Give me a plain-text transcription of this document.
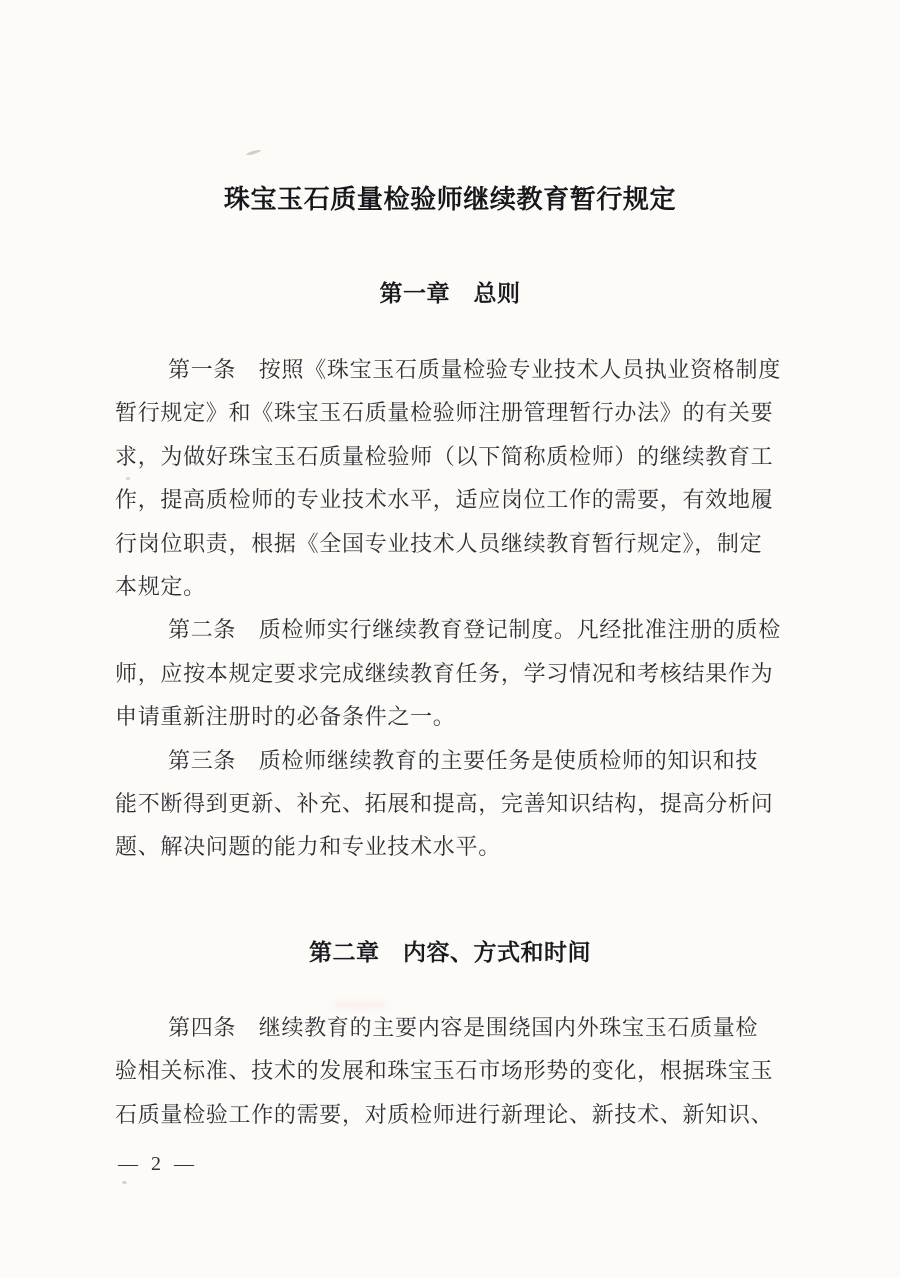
珠宝玉石质量检验师继续教育暂行规定
第一章　总则

第一条　按照《珠宝玉石质量检验专业技术人员执业资格制度

暂行规定》和《珠宝玉石质量检验师注册管理暂行办法》的有关要

求，为做好珠宝玉石质量检验师（以下简称质检师）的继续教育工

作，提高质检师的专业技术水平，适应岗位工作的需要，有效地履

行岗位职责，根据《全国专业技术人员继续教育暂行规定》，制定

本规定。

第二条　质检师实行继续教育登记制度。凡经批准注册的质检

师，应按本规定要求完成继续教育任务，学习情况和考核结果作为

申请重新注册时的必备条件之一。

第三条　质检师继续教育的主要任务是使质检师的知识和技

能不断得到更新、补充、拓展和提高，完善知识结构，提高分析问

题、解决问题的能力和专业技术水平。

第二章　内容、方式和时间

第四条　继续教育的主要内容是围绕国内外珠宝玉石质量检

验相关标准、技术的发展和珠宝玉石市场形势的变化，根据珠宝玉

石质量检验工作的需要，对质检师进行新理论、新技术、新知识、

— 2 —
